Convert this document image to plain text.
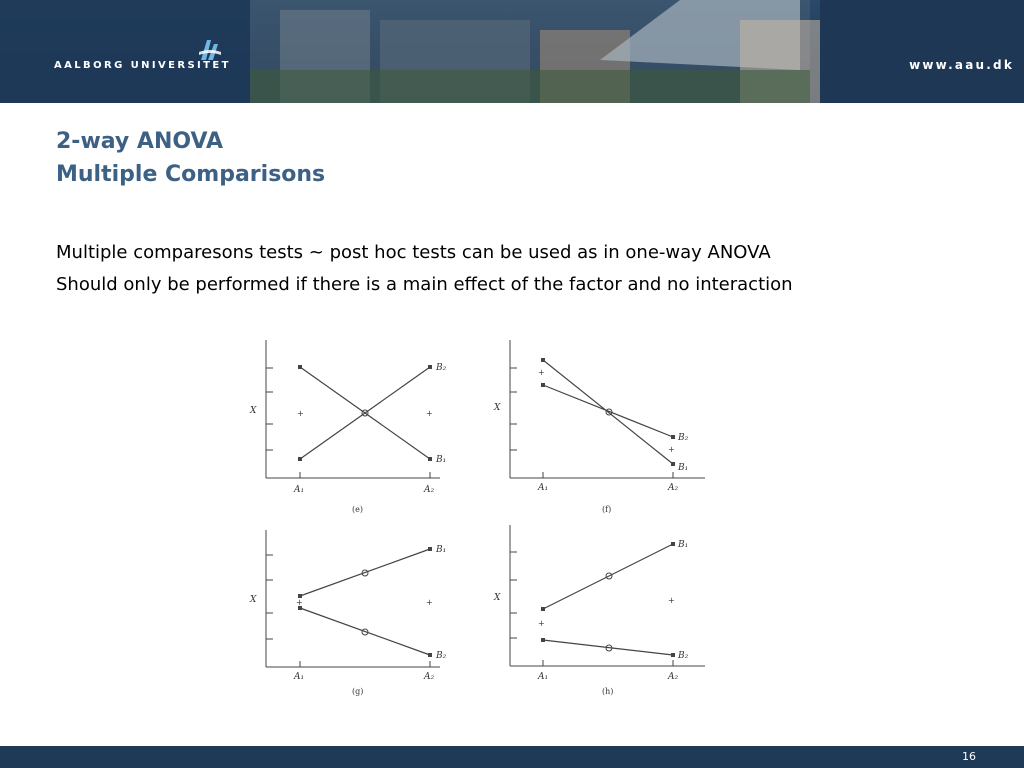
AALBORG UNIVERSITET	www.aau.dk
2-way ANOVA
Multiple Comparisons
Multiple comparesons tests ~ post hoc tests can be used as in one-way ANOVA
Should only be performed if there is a main effect of the factor and no interaction
+	+
X
B₂
B₁
A₁	A₂
(e)
+
+
X
B₂
B₁
A₁	A₂
(f)
+	+
X
B₁
B₂
A₁	A₂
(g)
+
+
X
B₁
B₂
A₁	A₂
(h)
16
